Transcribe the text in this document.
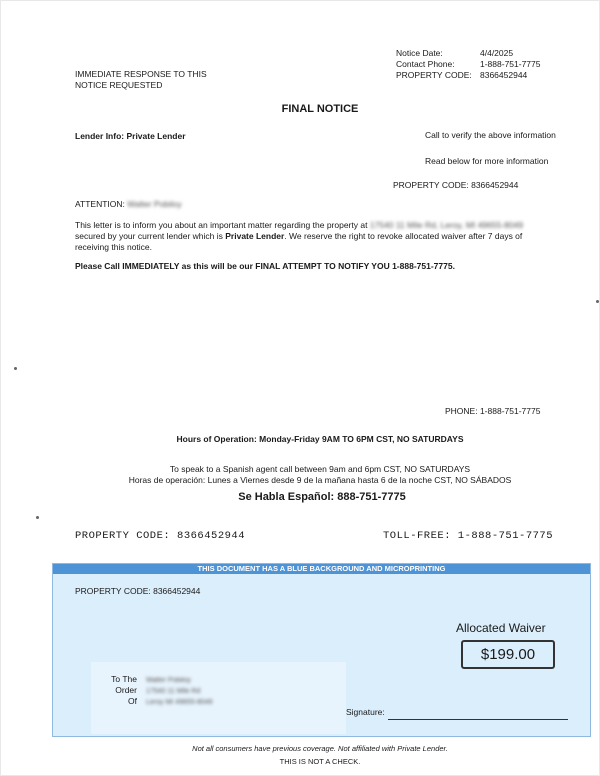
Notice Date:	4/4/2025
Contact Phone:	1-888-751-7775
PROPERTY CODE: 8366452944
IMMEDIATE RESPONSE TO THIS
NOTICE REQUESTED
FINAL NOTICE
Lender Info: Private Lender	Call to verify the above information
Read below for more information
PROPERTY CODE: 8366452944
ATTENTION: Walter Pobiloy
This letter is to inform you about an important matter regarding the property at 17540 11 Mile Rd, Leroy, MI 49655-8049
secured by your current lender which is Private Lender. We reserve the right to revoke allocated waiver after 7 days of
receiving this notice.
Please Call IMMEDIATELY as this will be our FINAL ATTEMPT TO NOTIFY YOU 1-888-751-7775.
PHONE: 1-888-751-7775
Hours of Operation: Monday-Friday 9AM TO 6PM CST, NO SATURDAYS
To speak to a Spanish agent call between 9am and 6pm CST, NO SATURDAYS
Horas de operación: Lunes a Viernes desde 9 de la mañana hasta 6 de la noche CST, NO SÁBADOS
Se Habla Español: 888-751-7775
PROPERTY CODE: 8366452944	TOLL-FREE: 1-888-751-7775
THIS DOCUMENT HAS A BLUE BACKGROUND AND MICROPRINTING
PROPERTY CODE: 8366452944
Allocated Waiver
$199.00
To The
Order Of
Walter Pobiloy
17540 11 Mile Rd
Leroy MI 49655-8049
Signature:
Not all consumers have previous coverage. Not affiliated with Private Lender.
THIS IS NOT A CHECK.
